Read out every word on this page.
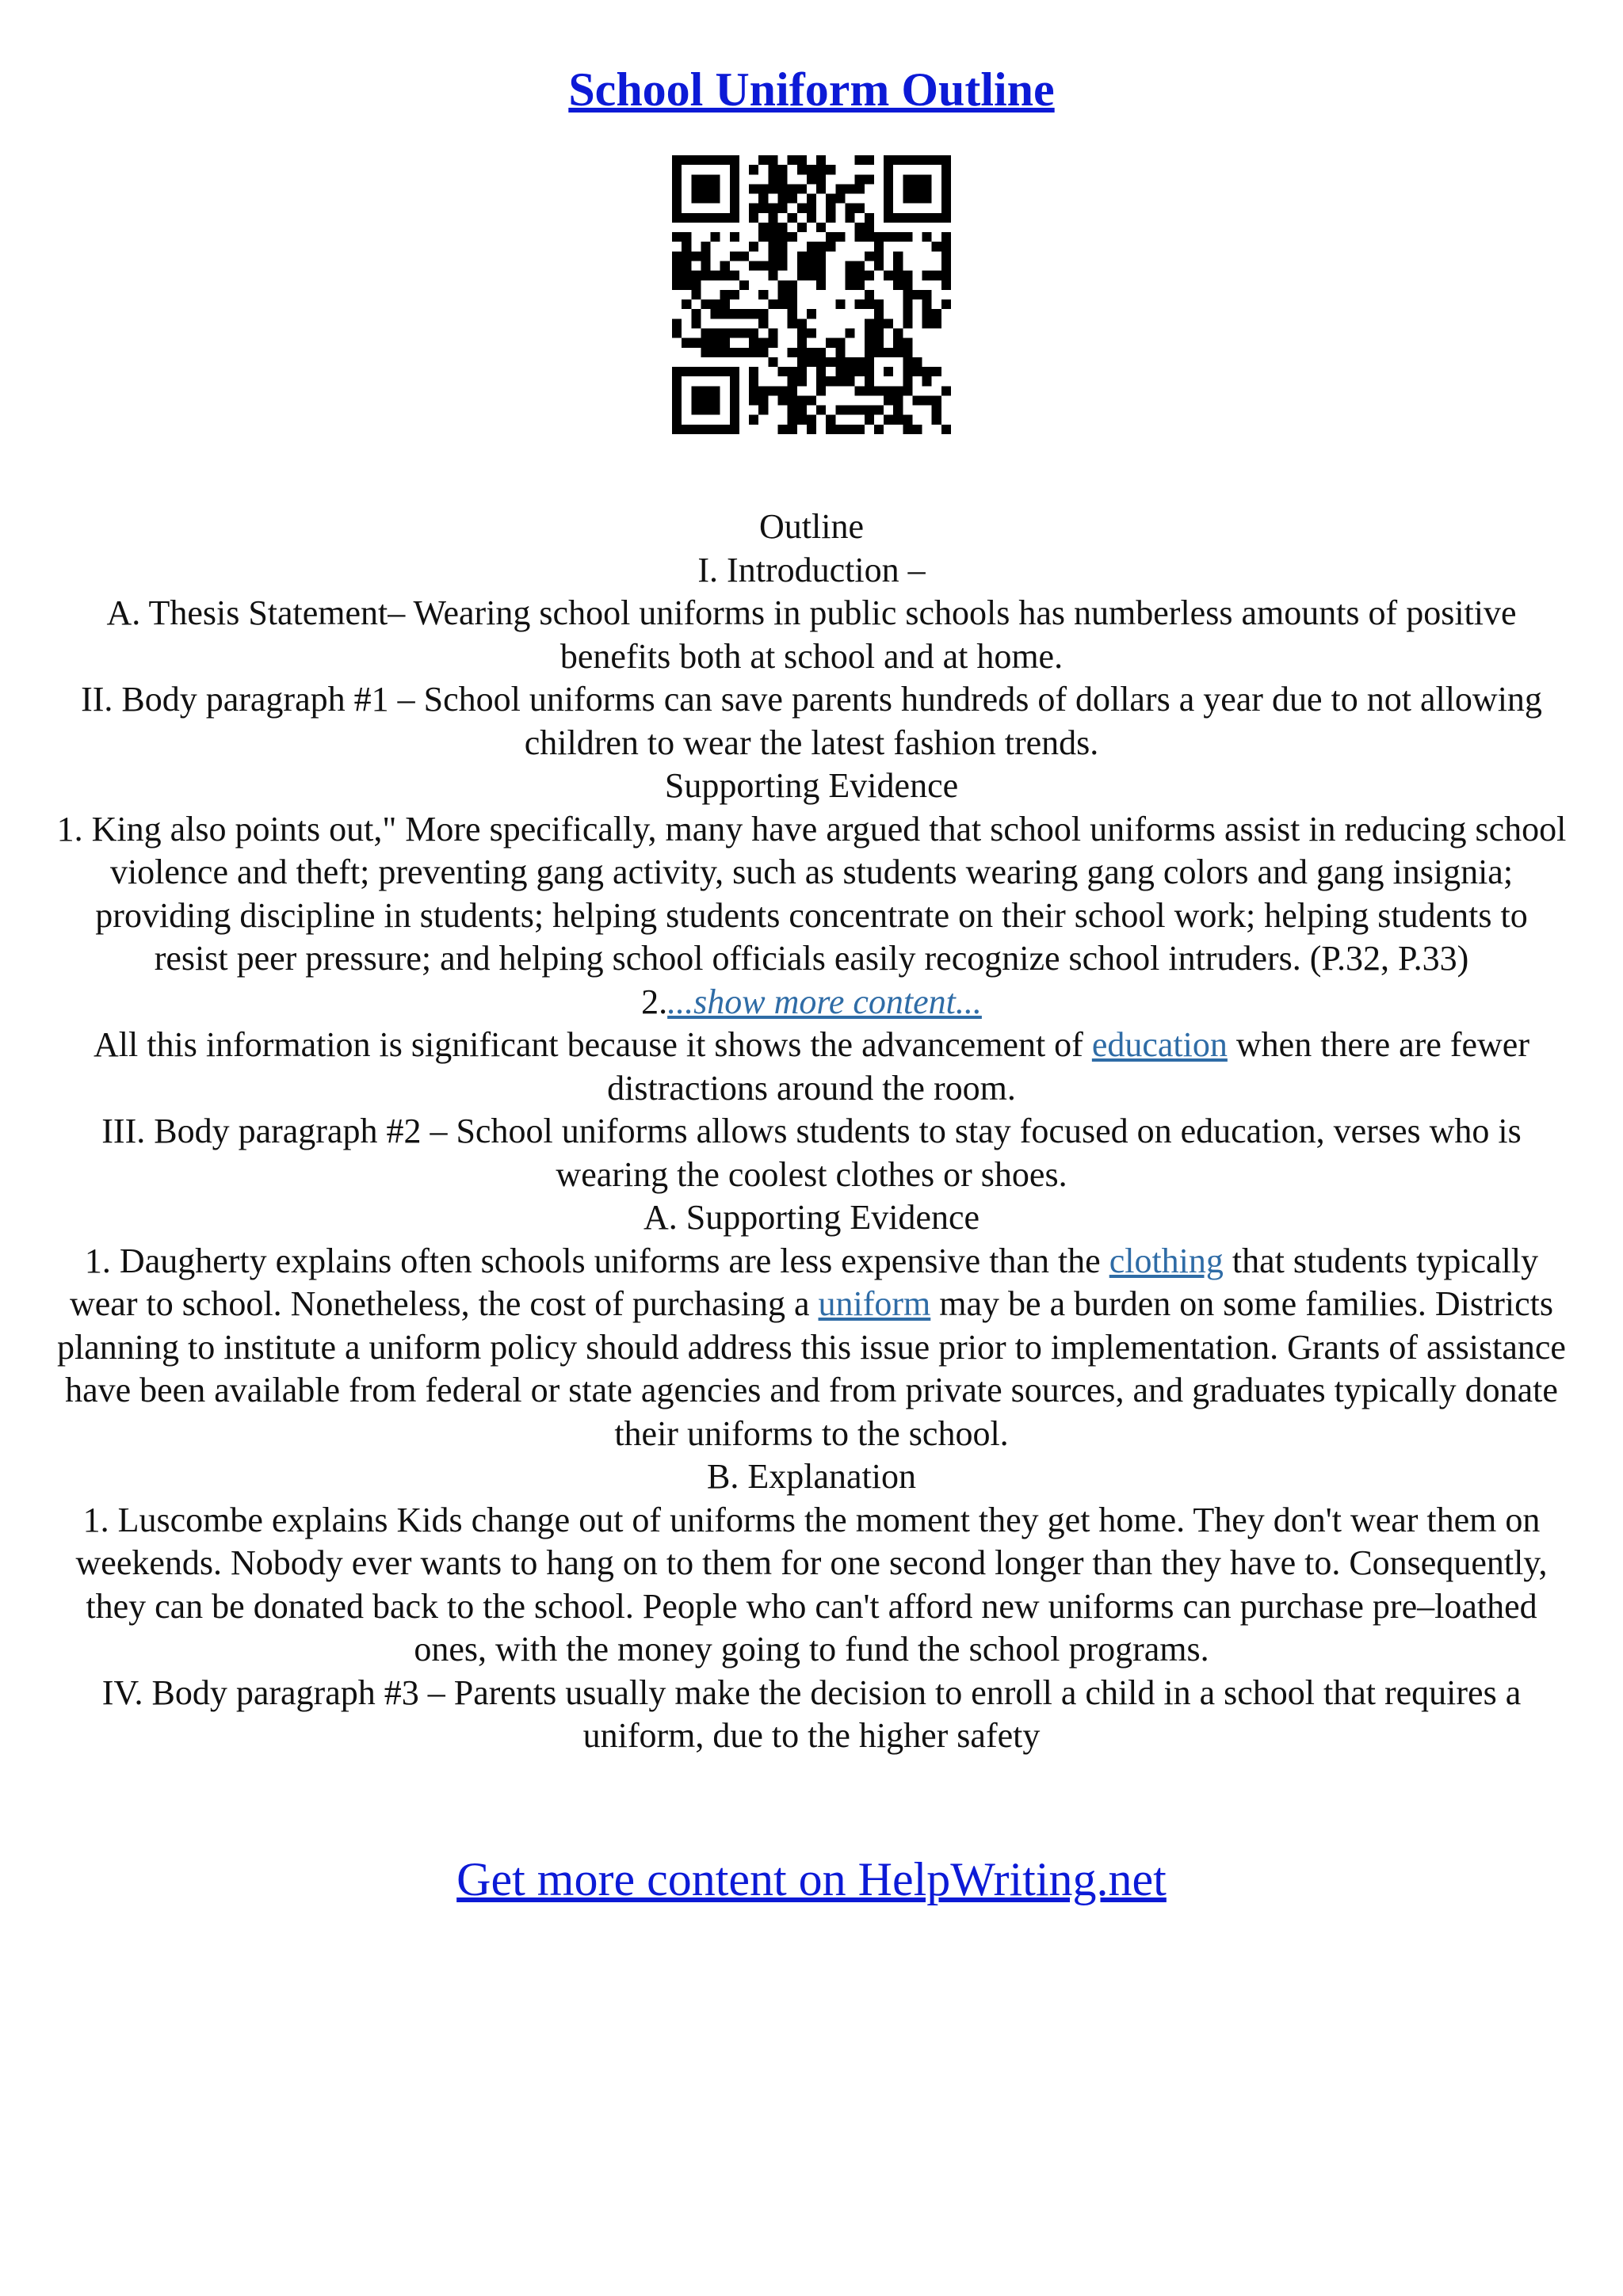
School Uniform Outline

Outline

I. Introduction –

A. Thesis Statement– Wearing school uniforms in public schools has numberless amounts of positive benefits both at school and at home.

II. Body paragraph #1 – School uniforms can save parents hundreds of dollars a year due to not allowing children to wear the latest fashion trends.

Supporting Evidence

1. King also points out," More specifically, many have argued that school uniforms assist in reducing school violence and theft; preventing gang activity, such as students wearing gang colors and gang insignia; providing discipline in students; helping students concentrate on their school work; helping students to resist peer pressure; and helping school officials easily recognize school intruders. (P.32, P.33)

2....show more content...

All this information is significant because it shows the advancement of education when there are fewer distractions around the room.

III. Body paragraph #2 – School uniforms allows students to stay focused on education, verses who is wearing the coolest clothes or shoes.

A. Supporting Evidence

1. Daugherty explains often schools uniforms are less expensive than the clothing that students typically wear to school. Nonetheless, the cost of purchasing a uniform may be a burden on some families. Districts planning to institute a uniform policy should address this issue prior to implementation. Grants of assistance have been available from federal or state agencies and from private sources, and graduates typically donate their uniforms to the school.

B. Explanation

1. Luscombe explains Kids change out of uniforms the moment they get home. They don't wear them on weekends. Nobody ever wants to hang on to them for one second longer than they have to. Consequently, they can be donated back to the school. People who can't afford new uniforms can purchase pre–loathed ones, with the money going to fund the school programs.

IV. Body paragraph #3 – Parents usually make the decision to enroll a child in a school that requires a uniform, due to the higher safety

Get more content on HelpWriting.net
